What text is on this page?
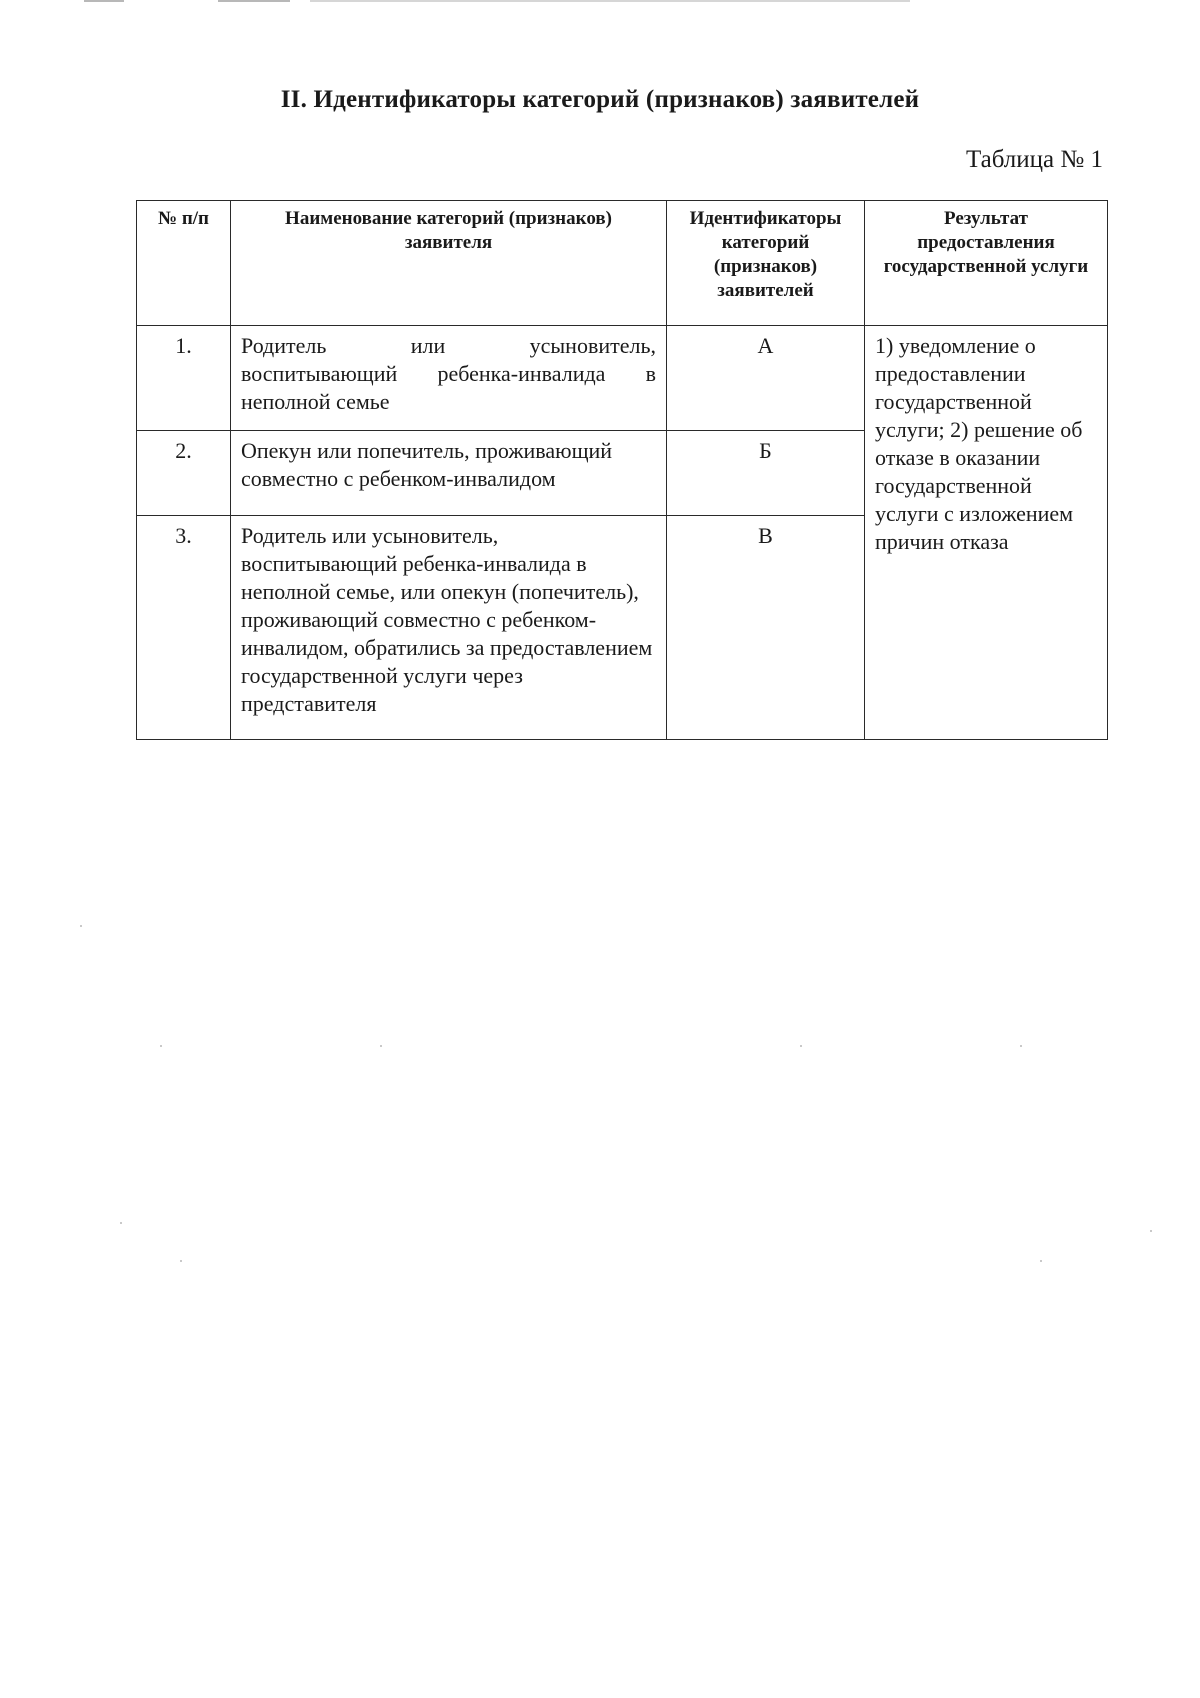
II. Идентификаторы категорий (признаков) заявителей
Таблица № 1
№ п/п	Наименование категорий (признаков) заявителя	Идентификаторы категорий (признаков) заявителей	Результат предоставления государственной услуги
1.	Родитель или усыновитель, воспитывающий ребенка-инвалида в неполной семье	А	1) уведомление о предоставлении государственной услуги; 2) решение об отказе в оказании государственной услуги с изложением причин отказа
2.	Опекун или попечитель, проживающий совместно с ребенком-инвалидом	Б	
3.	Родитель или усыновитель, воспитывающий ребенка-инвалида в неполной семье, или опекун (попечитель), проживающий совместно с ребенком-инвалидом, обратились за предоставлением государственной услуги через представителя	В	
